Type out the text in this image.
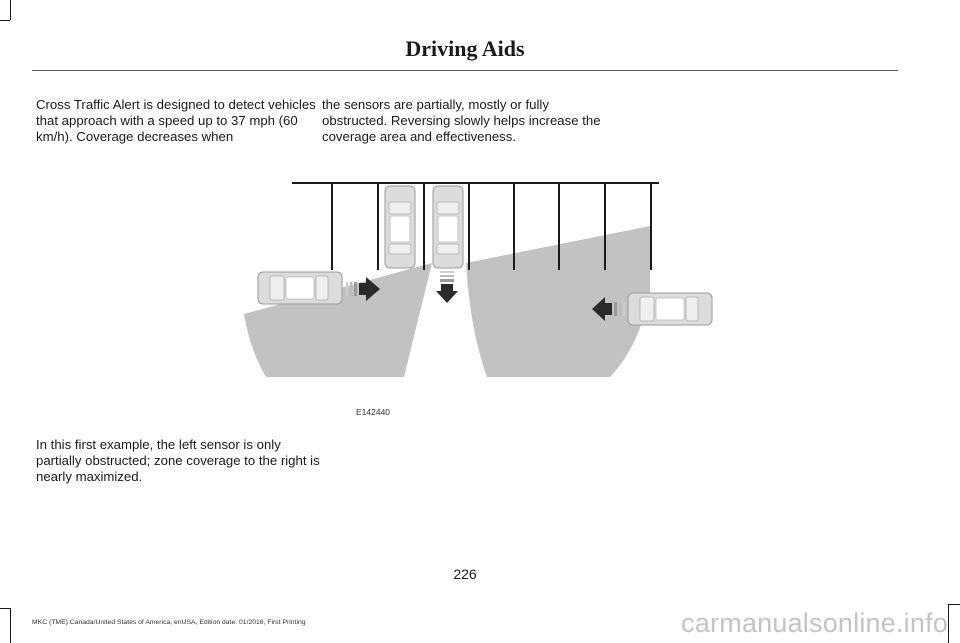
Driving Aids

Cross Traffic Alert is designed to detect vehicles that approach with a speed up to 37 mph (60 km/h). Coverage decreases when

the sensors are partially, mostly or fully obstructed. Reversing slowly helps increase the coverage area and effectiveness.

E142440

In this first example, the left sensor is only partially obstructed; zone coverage to the right is nearly maximized.

226
MKC (TME) Canada/United States of America, enUSA, Edition date: 01/2016, First Printing	carmanualsonline.info
